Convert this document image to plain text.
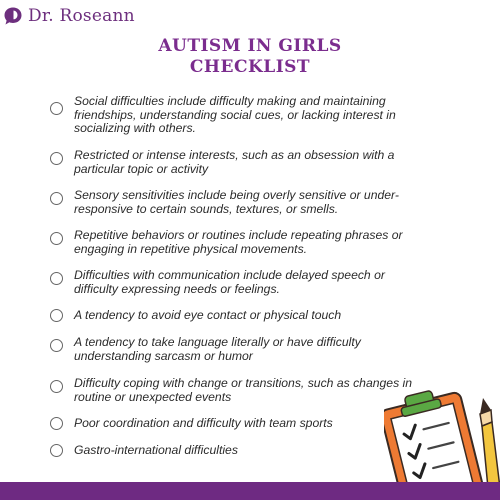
Dr. Roseann
AUTISM IN GIRLS
CHECKLIST
Social difficulties include difficulty making and maintaining friendships, understanding social cues, or lacking interest in socializing with others.
Restricted or intense interests, such as an obsession with a particular topic or activity
Sensory sensitivities include being overly sensitive or under-responsive to certain sounds, textures, or smells.
Repetitive behaviors or routines include repeating phrases or engaging in repetitive physical movements.
Difficulties with communication include delayed speech or difficulty expressing needs or feelings.
A tendency to avoid eye contact or physical touch
A tendency to take language literally or have difficulty understanding sarcasm or humor
Difficulty coping with change or transitions, such as changes in routine or unexpected events
Poor coordination and difficulty with team sports
Gastro-international difficulties
